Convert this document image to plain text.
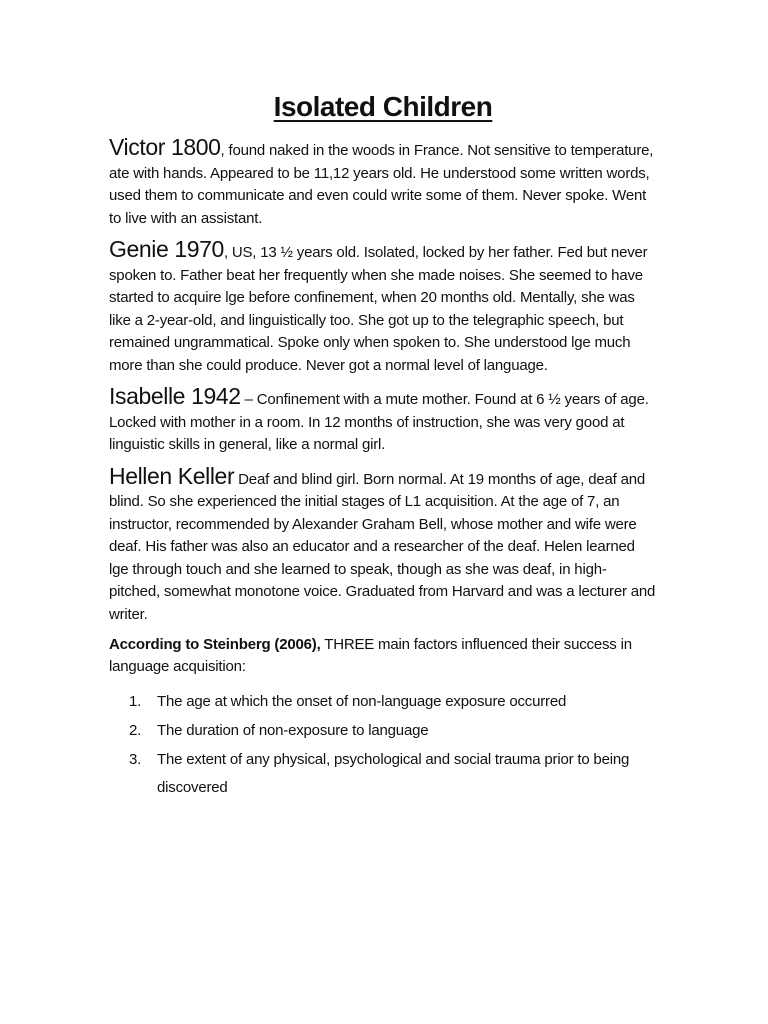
Isolated Children

Victor 1800, found naked in the woods in France. Not sensitive to temperature, ate with hands. Appeared to be 11,12 years old. He understood some written words, used them to communicate and even could write some of them. Never spoke. Went to live with an assistant.

Genie 1970, US, 13 ½ years old. Isolated, locked by her father. Fed but never spoken to. Father beat her frequently when she made noises. She seemed to have started to acquire lge before confinement, when 20 months old. Mentally, she was like a 2-year-old, and linguistically too. She got up to the telegraphic speech, but remained ungrammatical. Spoke only when spoken to. She understood lge much more than she could produce. Never got a normal level of language.

Isabelle 1942 – Confinement with a mute mother. Found at 6 ½ years of age. Locked with mother in a room. In 12 months of instruction, she was very good at linguistic skills in general, like a normal girl.

Hellen Keller Deaf and blind girl. Born normal. At 19 months of age, deaf and blind. So she experienced the initial stages of L1 acquisition. At the age of 7, an instructor, recommended by Alexander Graham Bell, whose mother and wife were deaf. His father was also an educator and a researcher of the deaf. Helen learned lge through touch and she learned to speak, though as she was deaf, in high-pitched, somewhat monotone voice. Graduated from Harvard and was a lecturer and writer.

According to Steinberg (2006), THREE main factors influenced their success in language acquisition:

1.	The age at which the onset of non-language exposure occurred
2.	The duration of non-exposure to language
3.	The extent of any physical, psychological and social trauma prior to being discovered
